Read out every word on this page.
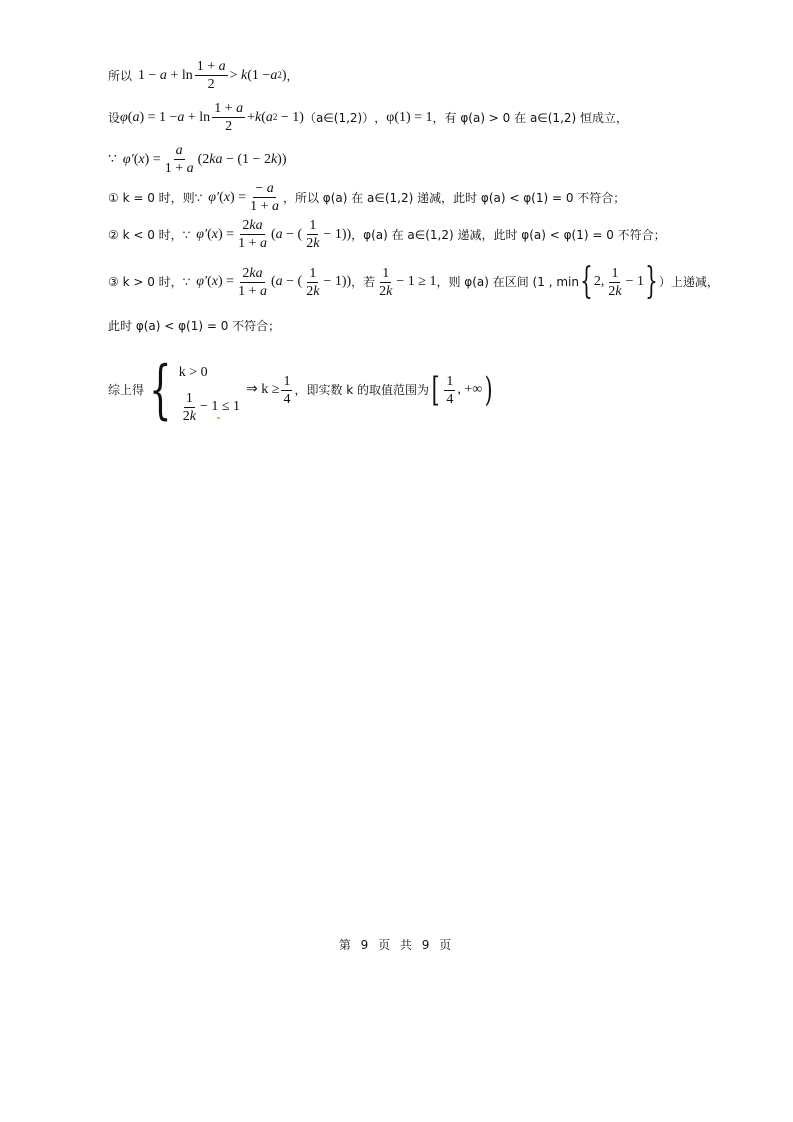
所以 $1 - a + \ln \frac{1 + a}{2} > k$ (1 − a 2 ) ，
设 φ ( a ) = $1 - a + \ln \frac{1 + a}{2} + k$ ( a 2 − 1) （a∈(1,2)） ， φ(1) = 1 ，有 φ(a) > 0 在 a∈(1,2) 恒成立，
∵ φ′ ( x ) = $\frac{a}{1 + a} (2$ ka − (1 − 2 k ))
① k = 0 时，则∵ φ′ ( x ) = $\frac{- a}{1 + a}$ ，所以 φ(a) 在 a∈(1,2) 递减，此时 φ(a) < φ(1) = 0 不符合；
② k < 0 时，∵ φ′ ( x ) = $\frac{2ka}{1 + a}$ ( a − ( $\frac{1}{2k} - 1$)) ，φ(a) 在 a∈(1,2) 递减，此时 φ(a) < φ(1) = 0 不符合；
③ k > 0 时，∵ φ′ ( x ) = $\frac{2ka}{1 + a}$ ( a − ( $\frac{1}{2k} - 1$)) ，若 $\frac{1}{2k} - 1 \ge 1$ ，则 φ(a) 在区间 (1 , min { 2, $\frac{1}{2k} - 1$ } ）上递减，
此时 φ(a) < φ(1) = 0 不符合；
综上得 { k > 0
$\frac{1}{2k} - 1 \le 1$
⇒ $k \ge \frac{1}{4}$ ，即实数 k 的取值范围为 [ $\frac{1}{4}$ , +∞ )
第 9 页 共 9 页
